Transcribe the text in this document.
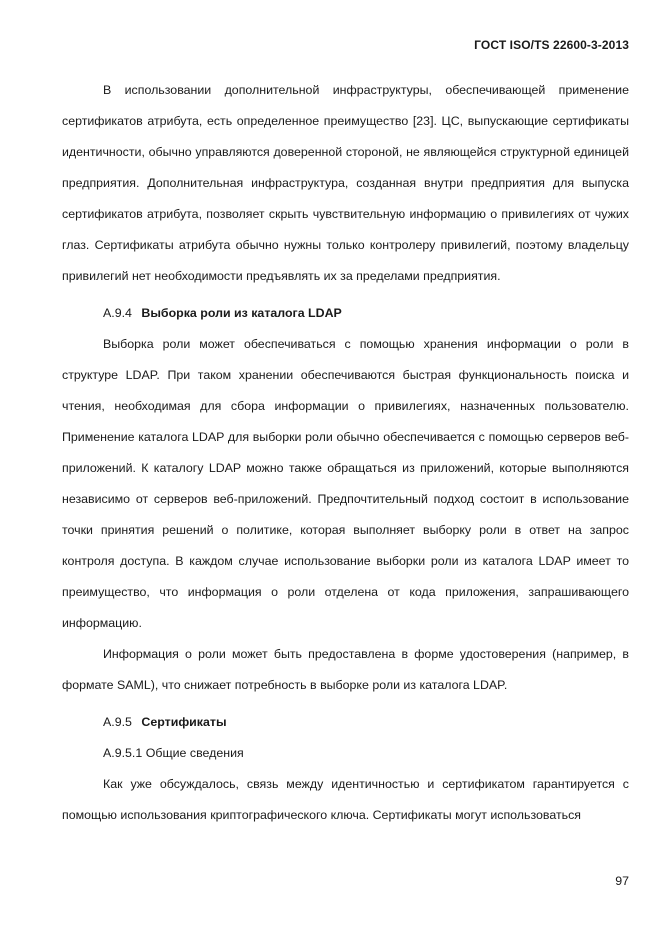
ГОСТ ISO/TS 22600-3-2013

В использовании дополнительной инфраструктуры, обеспечивающей применение сертификатов атрибута, есть определенное преимущество [23]. ЦС, выпускающие сертификаты идентичности, обычно управляются доверенной стороной, не являющейся структурной единицей предприятия. Дополнительная инфраструктура, созданная внутри предприятия для выпуска сертификатов атрибута, позволяет скрыть чувствительную информацию о привилегиях от чужих глаз. Сертификаты атрибута обычно нужны только контролеру привилегий, поэтому владельцу привилегий нет необходимости предъявлять их за пределами предприятия.

А.9.4 Выборка роли из каталога LDAP

Выборка роли может обеспечиваться с помощью хранения информации о роли в структуре LDAP. При таком хранении обеспечиваются быстрая функциональность поиска и чтения, необходимая для сбора информации о привилегиях, назначенных пользователю. Применение каталога LDAP для выборки роли обычно обеспечивается с помощью серверов веб-приложений. К каталогу LDAP можно также обращаться из приложений, которые выполняются независимо от серверов веб-приложений. Предпочтительный подход состоит в использование точки принятия решений о политике, которая выполняет выборку роли в ответ на запрос контроля доступа. В каждом случае использование выборки роли из каталога LDAP имеет то преимущество, что информация о роли отделена от кода приложения, запрашивающего информацию.

Информация о роли может быть предоставлена в форме удостоверения (например, в формате SAML), что снижает потребность в выборке роли из каталога LDAP.

А.9.5 Сертификаты

А.9.5.1 Общие сведения

Как уже обсуждалось, связь между идентичностью и сертификатом гарантируется с помощью использования криптографического ключа. Сертификаты могут использоваться

97
